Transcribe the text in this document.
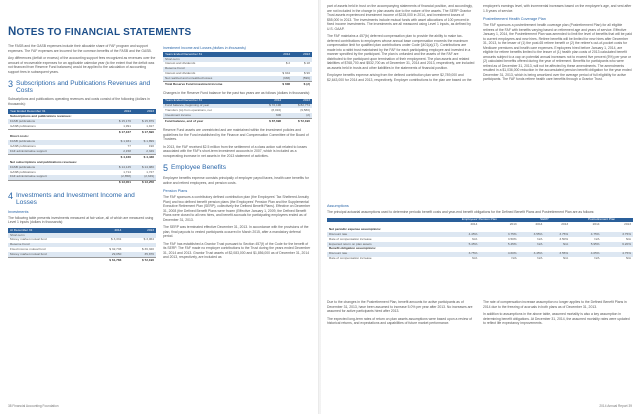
NOTES TO FINANCIAL STATEMENTS

The FASB and the GASB expenses include their allocable share of FAF program and support expenses. The FAF expenses are incurred for the common benefits of the FASB and the GASB.

Any differences (deficit or excess) of the accounting support fees recognized as revenues over the amount of recoverable expenses for an applicable calendar year (to the extent that the deficit was not financed from Reserve Fund balances) would be applied to the calculation of accounting support fees in subsequent years.

3 Subscriptions and Publications Revenues and Costs

Subscriptions and publications operating revenues and costs consist of the following (dollars in thousands):

Year Ended December 31	2014	2013
Subscriptions and publications revenues:		
FASB publications	$ 15,176	$ 15,879
GASB publications	1,991	1,917
	$ 17,167	$ 17,696
Direct costs:		
FASB publications	$ 1,931	$ 1,899
GASB publications	77	190
FAF administrative support	2,158	2,349
	$ 4,166	$ 4,438
Net subscriptions and publications revenues:		
FASB publications	$ 14,145	$ 14,980
GASB publications	1,714	1,727
FAF administrative support	(2,858)	(2,349)
	$ 13,001	$ 13,258
4 Investments and Investment Income and Losses
Investments

The following table presents investments measured at fair value, all of which are measured using Level 1 inputs (dollars in thousands):

At December 31	2014	2013
Short-term		
Money market mutual fund	$ 3,331	$ 3,064
Reserve Fund		
Fixed income mutual fund	$ 32,736	$ 36,320
Money market mutual fund	29,050	35,876
	$ 61,786	$ 72,196
Investment Income and Losses (dollars in thousands)
Years Ended December 31	2014	2013
Short-term		
Interest and dividends	$ 2	$ 18
Reserve Fund		
Interest and dividends	$ 944	$ 96
Net realized and unrealized losses	(338)	(596)
Total Reserve Fund investment income	$ 606	$ (2)

Changes in the Reserve Fund balance for the past two years are as follows (dollars in thousands):

Years Ended December 31	2014	2013
Fund balance, beginning of year	$ 72,196	$ 82,774
Transfers (to) from operations, net	(8,016)	(9,580)
Investment income	606	(2)
Fund balance, end of year	$ 67,696	$ 72,196

Reserve Fund assets are unrestricted and are maintained within the investment policies and guidelines for the Fund established by the Finance and Compensation Committee of the Board of Trustees.

In 2013, the FAF received $2.5 million from the settlement of a class action suit related to losses associated with the FAF's short-term investment accounts in 2007, which is included as a nonoperating increase in net assets in the 2013 statement of activities.

5 Employee Benefits

Employee benefits expense consists principally of employer payroll taxes, health care benefits for active and retired employees, and pension costs.

Pension Plans

The FAF sponsors a contributory defined contribution plan (the Employees' Tax Sheltered Annuity Plan) and two defined benefit pension plans (the Employees' Pension Plan and the Supplemental Executive Retirement Plan (SERP), collectively the Defined Benefit Plans). Effective on December 31, 2008 (the Defined Benefit Plans were frozen (Effective January 1, 2009, the Defined Benefit Plans were closed to all new hires, and benefit accruals for participating employees ended as of December 31, 2013.

The SERP was terminated effective December 31, 2013. In accordance with the provisions of the plan, final payouts to vested participants occurred in March 2015, after a mandatory deferral period.

The FAF has established a Grantor Trust pursuant to Section 457(f) of the Code for the benefit of its SERP. The FAF made no employer contributions to the Trust during the years ended December 31, 2014 and 2013. Grantor Trust assets of $2,083,000 and $1,856,000 as of December 31, 2014 and 2013, respectively, are included as

38 Financial Accounting Foundation

part of assets held in trust on the accompanying statements of financial position, and accordingly, are not included in the change in plan assets due to the nature of the assets. The SERP Grantor Trust assets experienced investment income of $228,000 in 2014, and investment losses of $55,000 in 2013. The investments include mutual funds with asset allocations of 100 percent in fixed income investments. The investments are all measured using Level 1 inputs, as defined by U.S. GAAP.

The FAF maintains a 457(b) deferred compensation plan to provide the ability to make tax-deferred contributions to employees whose annual base compensation exceeds the maximum compensation limit for qualified plan contributions under Code §401(a)(17). Contributions are made into a rabbi trust maintained by the FAF for each participating employee and invested in a manner specified by the participant. The plan is unfunded and the assets of the FAF are distributed to the participant upon termination of their employment. The plan assets and related liabilities of $768,700 and $532,700 as of December 31, 2014 and 2013, respectively, are included as assets held in trusts and other liabilities in the statements of financial position.

Employee benefits expense arising from the defined contribution plan were $2,789,000 and $2,643,000 for 2014 and 2013, respectively. Employer contributions to the plan are based on the

employee's earnings level, with incremental increases based on the employee's age, and vest after 1.5 years of service.

Postretirement Health Coverage Plan

The FAF sponsors a postretirement health coverage plan (Postretirement Plan) for all eligible retirees of the FAF with benefits varying based on retirement age and years of service. Effective January 1, 2014, the Postretirement Plan was amended to limit the level of benefits that will be paid to current employees and new hires. Retiree benefits will be limited for new hires after December 31, 2013, to the lesser of (1) the post-65 retiree benefit or (2) the retiree's out-of-pocket costs for Medicare premiums and health care expenses. Employees hired before January 1, 2014, are eligible for retiree benefits limited to the lesser of (1) health plan costs of 2013 calculated benefit amounts subject to a cap on potential annual increases not to exceed five percent (5%) per year or (2) calculated benefits offered during the year of retirement. Benefits for participants who were retired as of December 31, 2013, will not be affected by these amendments. The amendments resulted in a $1,036,000 reduction in the accumulated pension benefit obligation for the year ended December 31, 2013, which is being amortized over the average period of full eligibility for active participants. The FAF funds retiree health care benefits through a Grantor Trust.

Assumptions

The principal actuarial assumptions used to determine periodic benefit costs and year-end benefit obligations for the Defined Benefit Plans and Postretirement Plan are as follows:

	Employees' Pension Plan		SERP		Postretirement Plan	
	2014	2013	2014	2013	2014	2013
Net periodic expense assumptions:						
Discount rate	4.45%	3.75%	3.55%	3.75%	4.75%	3.75%
Rate of compensation increase	N/A	3.50%	N/A	3.50%	N/A	N/A
Expected return on plan assets	5.45%	5.45%	N/A	N/A	5.95%	6.20%
Benefit obligation assumptions:						
Discount rate	3.75%	4.60%	3.45%	3.55%	4.05%	4.75%
Rate of compensation increase	N/A	N/A	N/A	N/A	N/A	N/A

Due to the changes in the Postretirement Plan, benefit amounts for active participants as of December 31, 2013, have been assumed to increase 5.0% per year after 2013. No increases are assumed for active participants hired after 2013.

The expected long-term rates of return on plan assets assumptions were based upon a review of historical returns, and expectations and capabilities of future market performance.

The rate of compensation increase assumption no longer applies to the Defined Benefit Plans in 2014 due to the freezing of accruals in both plans as of December 31, 2013.

In addition to assumptions in the above table, assumed mortality is also a key assumption in determining benefit obligations. At December 31, 2014, the assumed mortality rates were updated to reflect life expectancy improvements.

2014 Annual Report 39
